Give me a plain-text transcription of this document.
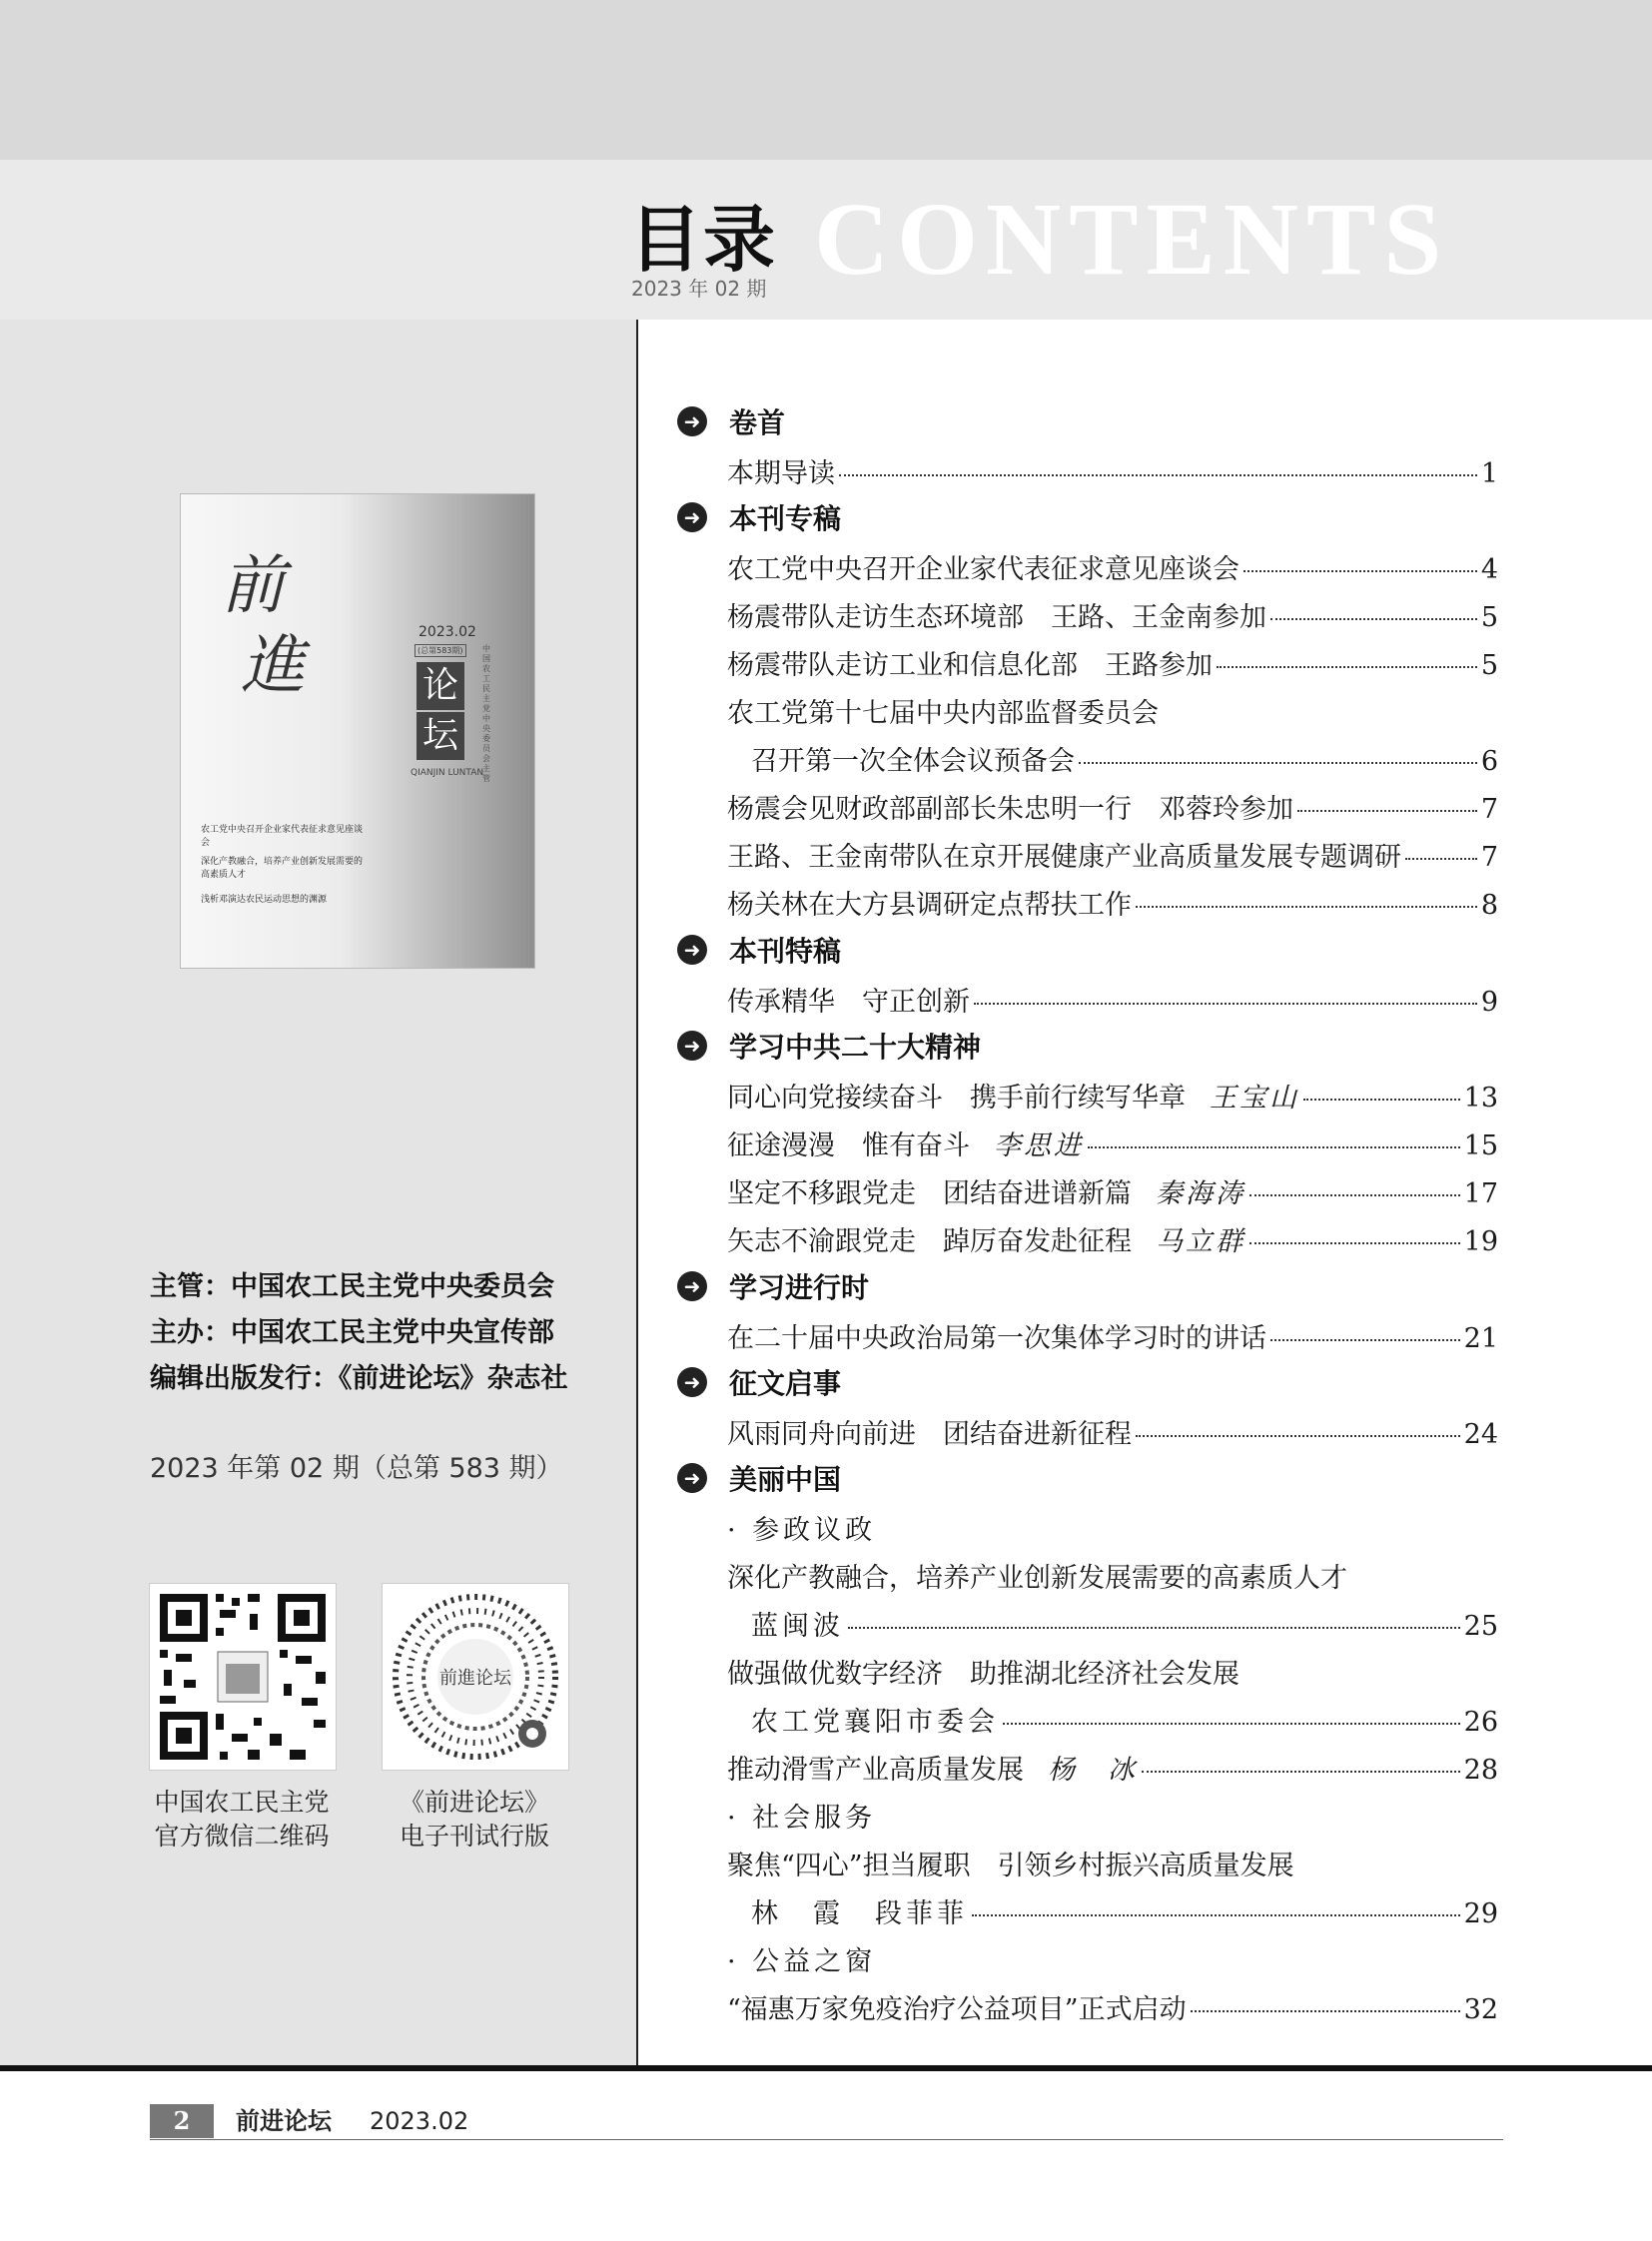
CONTENTS
目录
2023 年 02 期
前
進	2023.02
(总第583期)
论
坛
QIANJIN LUNTAN
中国农工民主党中央委员会 主管
农工党中央召开企业家代表征求意见座谈会
深化产教融合，培养产业创新发展需要的高素质人才
浅析邓演达农民运动思想的渊源
主管：中国农工民主党中央委员会
主办：中国农工民主党中央宣传部
编辑出版发行：《前进论坛》杂志社
2023 年第 02 期（总第 583 期）
前進论坛
中国农工民主党
官方微信二维码
《前进论坛》
电子刊试行版
➜ 卷首
➜ 本刊专稿
➜ 本刊特稿
➜ 学习中共二十大精神
➜ 学习进行时
➜ 征文启事
➜ 美丽中国
· 参政议政
· 社会服务
· 公益之窗
本期导读	1
农工党中央召开企业家代表征求意见座谈会	4
杨震带队走访生态环境部　王路、王金南参加	5
杨震带队走访工业和信息化部　王路参加	5
农工党第十七届中央内部监督委员会
召开第一次全体会议预备会	6
杨震会见财政部副部长朱忠明一行　邓蓉玲参加	7
王路、王金南带队在京开展健康产业高质量发展专题调研	7
杨关林在大方县调研定点帮扶工作	8
传承精华　守正创新	9
同心向党接续奋斗　携手前行续写华章 王宝山	13
征途漫漫　惟有奋斗 李思进	15
坚定不移跟党走　团结奋进谱新篇 秦海涛	17
矢志不渝跟党走　踔厉奋发赴征程 马立群	19
在二十届中央政治局第一次集体学习时的讲话	21
风雨同舟向前进　团结奋进新征程	24
深化产教融合，培养产业创新发展需要的高素质人才
蓝闽波	25
做强做优数字经济　助推湖北经济社会发展
农工党襄阳市委会	26
推动滑雪产业高质量发展 杨　冰	28
聚焦“四心”担当履职　引领乡村振兴高质量发展
林　霞　段菲菲	29
“福惠万家免疫治疗公益项目”正式启动	32
2	前进论坛 2023.02
